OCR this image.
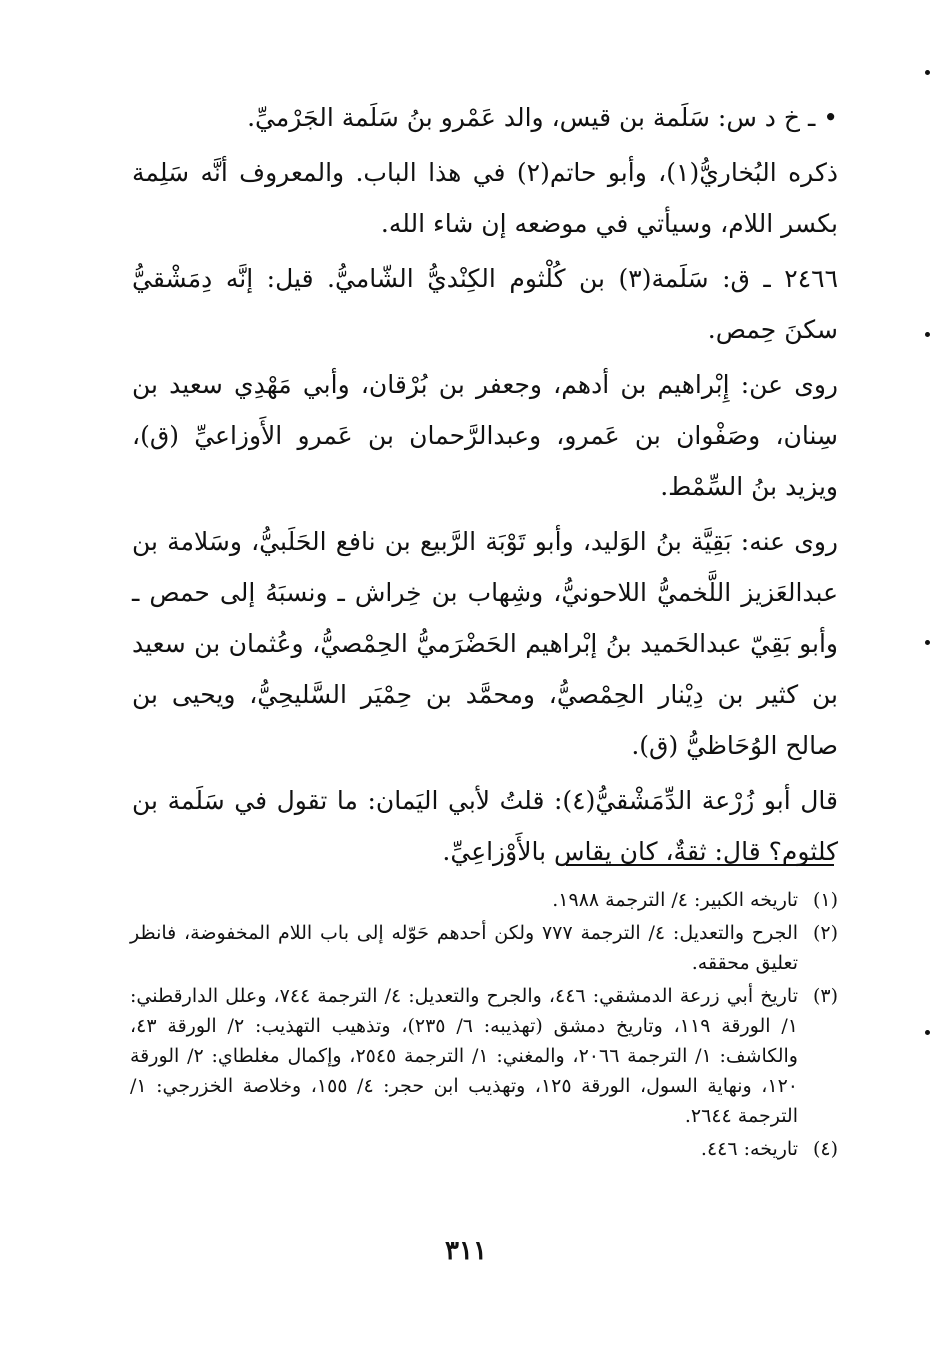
• ـ خ د س: سَلَمة بن قيس، والد عَمْرو بنُ سَلَمة الجَرْميِّ.

ذكره البُخاريُّ(١)، وأبو حاتم(٢) في هذا الباب. والمعروف أنَّه سَلِمة بكسر اللام، وسيأتي في موضعه إن شاء الله.

٢٤٦٦ ـ ق: سَلَمة(٣) بن كُلْثوم الكِنْديُّ الشّاميُّ. قيل: إنَّه دِمَشْقيُّ سكنَ حِمص.

روى عن: إِبْراهيم بن أدهم، وجعفر بن بُرْقان، وأبي مَهْدِي سعيد بن سِنان، وصَفْوان بن عَمرو، وعبدالرَّحمان بن عَمرو الأَوزاعيِّ (ق)، ويزيد بنُ السِّمْط.

روى عنه: بَقِيَّة بنُ الوَليد، وأبو تَوْبَة الرَّبيع بن نافع الحَلَبيُّ، وسَلامة بن عبدالعَزيز اللَّخميُّ اللاحونيُّ، وشِهاب بن خِراش ـ ونسبَهُ إلى حمص ـ وأبو بَقِيّ عبدالحَميد بنُ إبْراهيم الحَضْرَميُّ الحِمْصيُّ، وعُثمان بن سعيد بن كثير بن دِيْنار الحِمْصيُّ، ومحمَّد بن حِمْيَر السَّليحِيُّ، ويحيى بن صالح الوُحَاظيُّ (ق).

قال أبو زُرْعة الدِّمَشْقيُّ(٤): قلتُ لأبي اليَمان: ما تقول في سَلَمة بن كلثوم؟ قال: ثقةٌ، كان يقاس بالأَوْزاعِيِّ.

(١)
تاريخه الكبير: ٤/ الترجمة ١٩٨٨.
(٢)
الجرح والتعديل: ٤/ الترجمة ٧٧٧ ولكن أحدهم حَوّله إلى باب اللام المخفوضة، فانظر تعليق محققه.
(٣)
تاريخ أبي زرعة الدمشقي: ٤٤٦، والجرح والتعديل: ٤/ الترجمة ٧٤٤، وعلل الدارقطني: ١/ الورقة ١١٩، وتاريخ دمشق (تهذيبه: ٦/ ٢٣٥)، وتذهيب التهذيب: ٢/ الورقة ٤٣، والكاشف: ١/ الترجمة ٢٠٦٦، والمغني: ١/ الترجمة ٢٥٤٥، وإكمال مغلطاي: ٢/ الورقة ١٢٠، ونهاية السول، الورقة ١٢٥، وتهذيب ابن حجر: ٤/ ١٥٥، وخلاصة الخزرجي: ١/ الترجمة ٢٦٤٤.
(٤)
تاريخه: ٤٤٦.
٣١١
